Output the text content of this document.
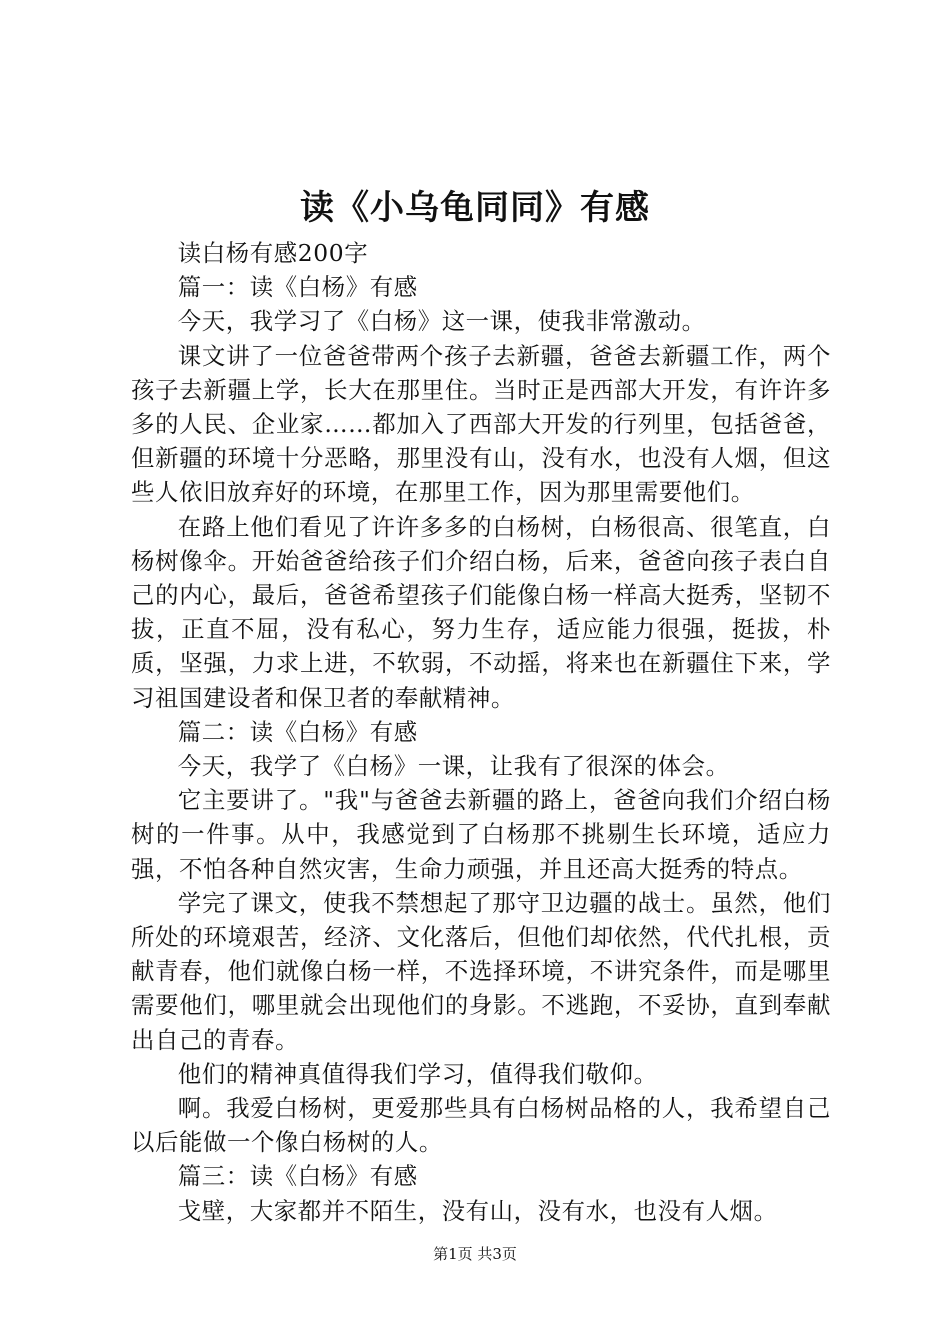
读《小乌龟同同》有感

读白杨有感200字

篇一：读《白杨》有感

今天，我学习了《白杨》这一课，使我非常激动。

课文讲了一位爸爸带两个孩子去新疆，爸爸去新疆工作，两个孩子去新疆上学，长大在那里住。当时正是西部大开发，有许许多多的人民、企业家……都加入了西部大开发的行列里，包括爸爸，但新疆的环境十分恶略，那里没有山，没有水，也没有人烟，但这些人依旧放弃好的环境，在那里工作，因为那里需要他们。

在路上他们看见了许许多多的白杨树，白杨很高、很笔直，白杨树像伞。开始爸爸给孩子们介绍白杨，后来，爸爸向孩子表白自己的内心，最后，爸爸希望孩子们能像白杨一样高大挺秀，坚韧不拔，正直不屈，没有私心，努力生存，适应能力很强，挺拔，朴质，坚强，力求上进，不软弱，不动摇，将来也在新疆住下来，学习祖国建设者和保卫者的奉献精神。

篇二：读《白杨》有感

今天，我学了《白杨》一课，让我有了很深的体会。

它主要讲了。"我"与爸爸去新疆的路上，爸爸向我们介绍白杨树的一件事。从中，我感觉到了白杨那不挑剔生长环境，适应力强，不怕各种自然灾害，生命力顽强，并且还高大挺秀的特点。

学完了课文，使我不禁想起了那守卫边疆的战士。虽然，他们所处的环境艰苦，经济、文化落后，但他们却依然，代代扎根，贡献青春，他们就像白杨一样，不选择环境，不讲究条件，而是哪里需要他们，哪里就会出现他们的身影。不逃跑，不妥协，直到奉献出自己的青春。

他们的精神真值得我们学习，值得我们敬仰。

啊。我爱白杨树，更爱那些具有白杨树品格的人，我希望自己以后能做一个像白杨树的人。

篇三：读《白杨》有感

戈壁，大家都并不陌生，没有山，没有水，也没有人烟。

第1页 共3页
